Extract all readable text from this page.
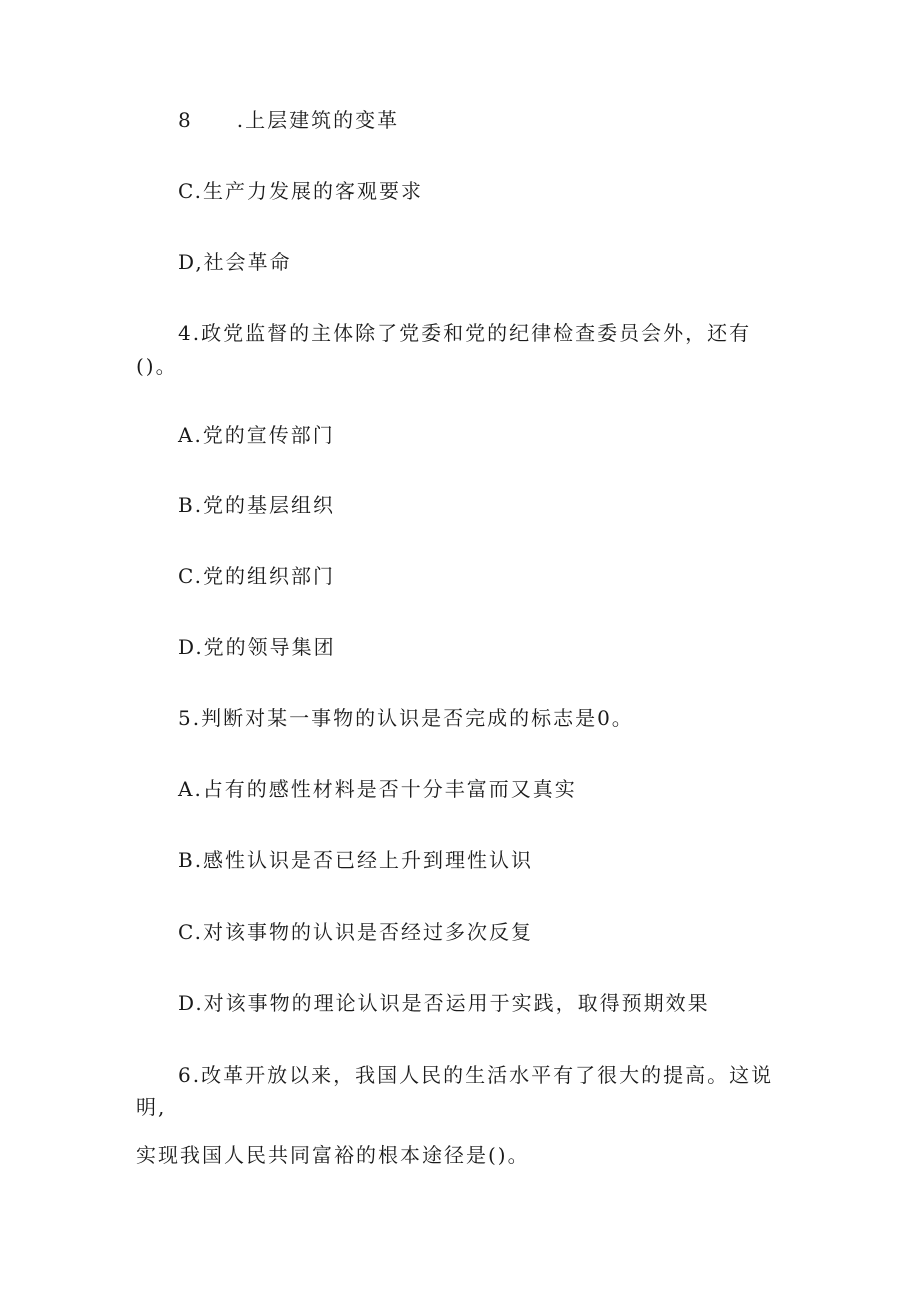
8 .上层建筑的变革
C.生产力发展的客观要求
D,社会革命
4.政党监督的主体除了党委和党的纪律检查委员会外，还有
()。
A.党的宣传部门
B.党的基层组织
C.党的组织部门
D.党的领导集团
5.判断对某一事物的认识是否完成的标志是0。
A.占有的感性材料是否十分丰富而又真实
B.感性认识是否已经上升到理性认识
C.对该事物的认识是否经过多次反复
D.对该事物的理论认识是否运用于实践，取得预期效果
6.改革开放以来，我国人民的生活水平有了很大的提高。这说
明,
实现我国人民共同富裕的根本途径是()。
